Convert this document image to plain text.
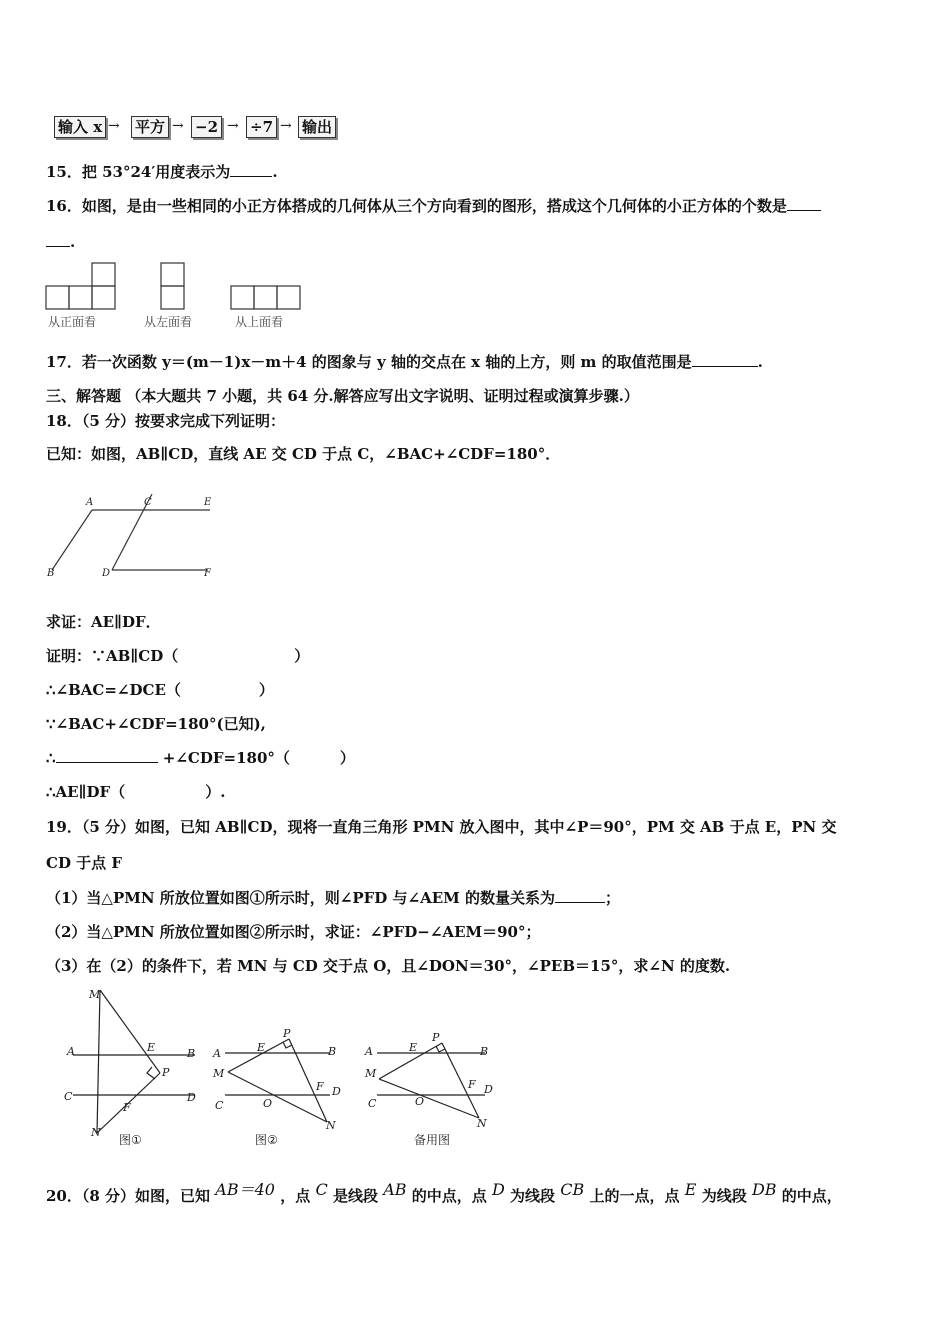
输入 x → 平方 → −2 → ÷7 → 输出
15．把 53°24′用度表示为	.
16．如图，是由一些相同的小正方体搭成的几何体从三个方向看到的图形，搭成这个几何体的小正方体的个数是
.
从正面看	从左面看	从上面看
17．若一次函数 y＝(m－1)x－m＋4 的图象与 y 轴的交点在 x 轴的上方，则 m 的取值范围是	.
三、解答题 （本大题共 7 小题，共 64 分.解答应写出文字说明、证明过程或演算步骤.）
18．（5 分）按要求完成下列证明：
已知：如图，AB∥CD，直线 AE 交 CD 于点 C，∠BAC+∠CDF=180°．
A	C	E
B	D	F
求证：AE∥DF．
证明：∵AB∥CD（	）
∴∠BAC=∠DCE（	）
∵∠BAC+∠CDF=180°(已知),
∴	+∠CDF=180°（	）
∴AE∥DF（	）.
19．（5 分）如图，已知 AB∥CD，现将一直角三角形 PMN 放入图中，其中∠P＝90°，PM 交 AB 于点 E，PN 交
CD 于点 F
（1）当△PMN 所放位置如图①所示时，则∠PFD 与∠AEM 的数量关系为	；
（2）当△PMN 所放位置如图②所示时，求证：∠PFD−∠AEM＝90°；
（3）在（2）的条件下，若 MN 与 CD 交于点 O，且∠DON＝30°，∠PEB＝15°，求∠N 的度数.
M
A	E	B
P
C	D
F
N
A	E
P
B
M
F D
C	O
N
A	E
P
B
M
F D
C	O
N
图①	图②	备用图
20．（8 分）如图，已知 AB＝40 ，点 C 是线段 AB 的中点，点 D 为线段 CB 上的一点，点 E 为线段 DB 的中点，
